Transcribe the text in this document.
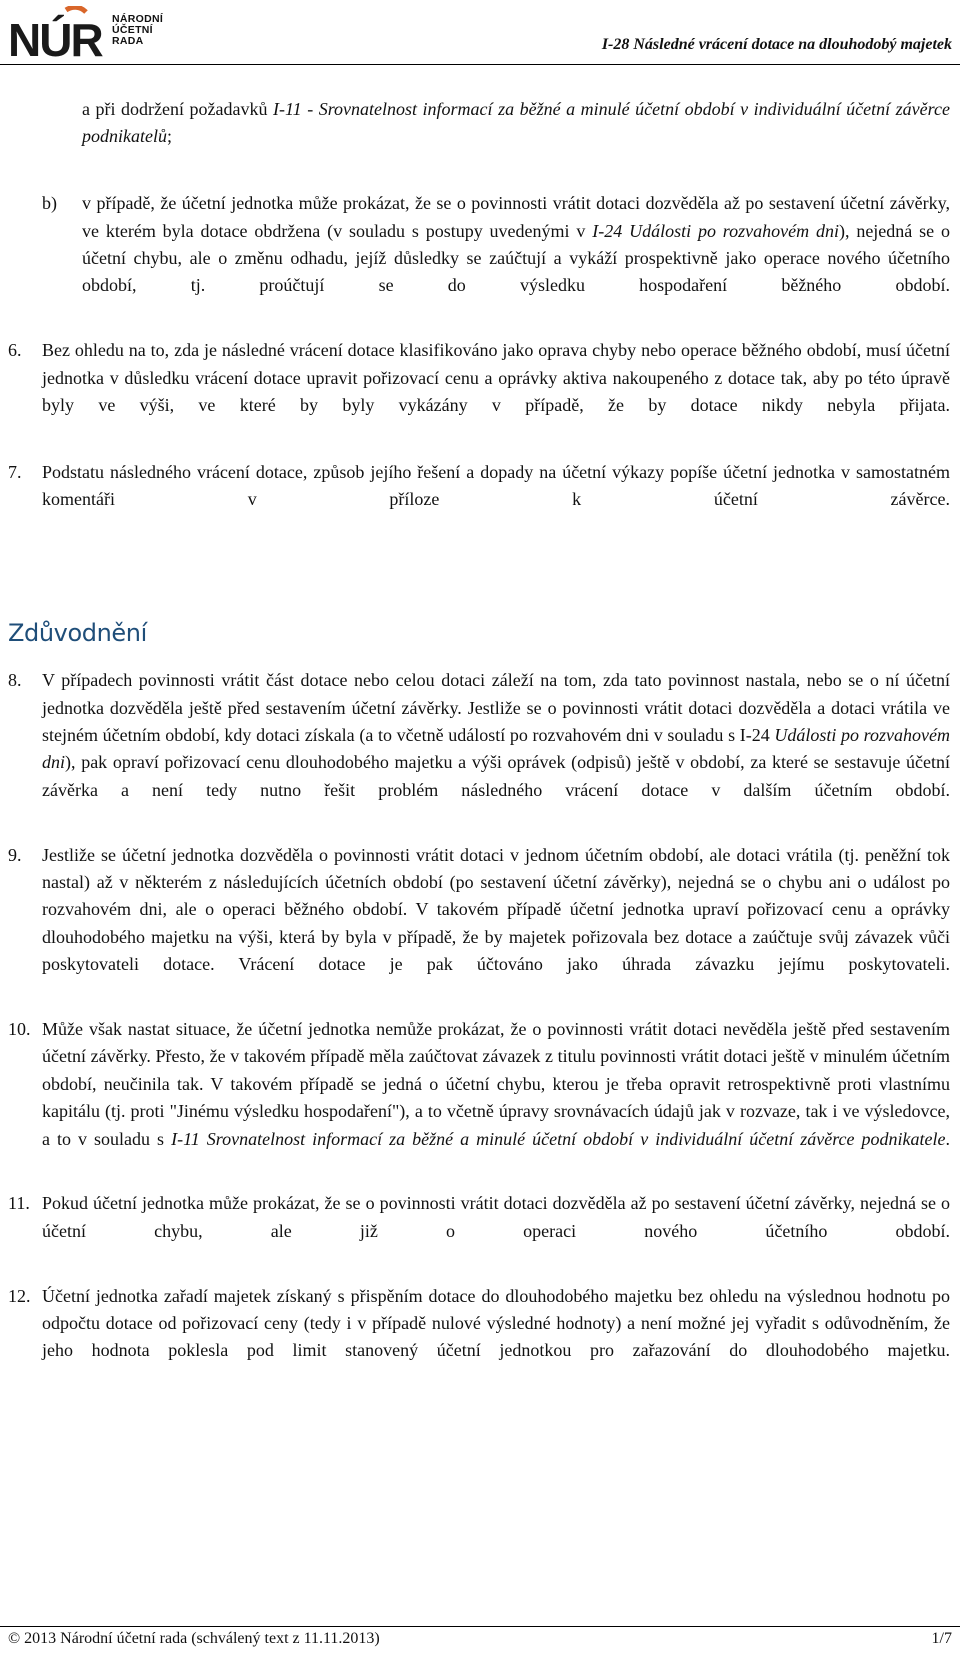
NÚR NÁRODNÍ
ÚČETNÍ
RADA	I-28 Následné vrácení dotace na dlouhodobý majetek
a při dodržení požadavků I-11 - Srovnatelnost informací za běžné a minulé účetní období v individuální účetní závěrce podnikatelů;
b) v případě, že účetní jednotka může prokázat, že se o povinnosti vrátit dotaci dozvěděla až po sestavení účetní závěrky, ve kterém byla dotace obdržena (v souladu s postupy uvedenými v I-24 Události po rozvahovém dni), nejedná se o účetní chybu, ale o změnu odhadu, jejíž důsledky se zaúčtují a vykáží prospektivně jako operace nového účetního období, tj. proúčtují se do výsledku hospodaření běžného období.
6. Bez ohledu na to, zda je následné vrácení dotace klasifikováno jako oprava chyby nebo operace běžného období, musí účetní jednotka v důsledku vrácení dotace upravit pořizovací cenu a oprávky aktiva nakoupeného z dotace tak, aby po této úpravě byly ve výši, ve které by byly vykázány v případě, že by dotace nikdy nebyla přijata.
7. Podstatu následného vrácení dotace, způsob jejího řešení a dopady na účetní výkazy popíše účetní jednotka v samostatném komentáři v příloze k účetní závěrce.
Zdůvodnění
8. V případech povinnosti vrátit část dotace nebo celou dotaci záleží na tom, zda tato povinnost nastala, nebo se o ní účetní jednotka dozvěděla ještě před sestavením účetní závěrky. Jestliže se o povinnosti vrátit dotaci dozvěděla a dotaci vrátila ve stejném účetním období, kdy dotaci získala (a to včetně událostí po rozvahovém dni v souladu s I-24 Události po rozvahovém dni), pak opraví pořizovací cenu dlouhodobého majetku a výši oprávek (odpisů) ještě v období, za které se sestavuje účetní závěrka a není tedy nutno řešit problém následného vrácení dotace v dalším účetním období.
9. Jestliže se účetní jednotka dozvěděla o povinnosti vrátit dotaci v jednom účetním období, ale dotaci vrátila (tj. peněžní tok nastal) až v některém z následujících účetních období (po sestavení účetní závěrky), nejedná se o chybu ani o událost po rozvahovém dni, ale o operaci běžného období. V takovém případě účetní jednotka upraví pořizovací cenu a oprávky dlouhodobého majetku na výši, která by byla v případě, že by majetek pořizovala bez dotace a zaúčtuje svůj závazek vůči poskytovateli dotace. Vrácení dotace je pak účtováno jako úhrada závazku jejímu poskytovateli.
10. Může však nastat situace, že účetní jednotka nemůže prokázat, že o povinnosti vrátit dotaci nevěděla ještě před sestavením účetní závěrky. Přesto, že v takovém případě měla zaúčtovat závazek z titulu povinnosti vrátit dotaci ještě v minulém účetním období, neučinila tak. V takovém případě se jedná o účetní chybu, kterou je třeba opravit retrospektivně proti vlastnímu kapitálu (tj. proti "Jinému výsledku hospodaření"), a to včetně úpravy srovnávacích údajů jak v rozvaze, tak i ve výsledovce, a to v souladu s I-11 Srovnatelnost informací za běžné a minulé účetní období v individuální účetní závěrce podnikatele.
11. Pokud účetní jednotka může prokázat, že se o povinnosti vrátit dotaci dozvěděla až po sestavení účetní závěrky, nejedná se o účetní chybu, ale již o operaci nového účetního období.
12. Účetní jednotka zařadí majetek získaný s přispěním dotace do dlouhodobého majetku bez ohledu na výslednou hodnotu po odpočtu dotace od pořizovací ceny (tedy i v případě nulové výsledné hodnoty) a není možné jej vyřadit s odůvodněním, že jeho hodnota poklesla pod limit stanovený účetní jednotkou pro zařazování do dlouhodobého majetku.
© 2013 Národní účetní rada (schválený text z 11.11.2013)	1/7
